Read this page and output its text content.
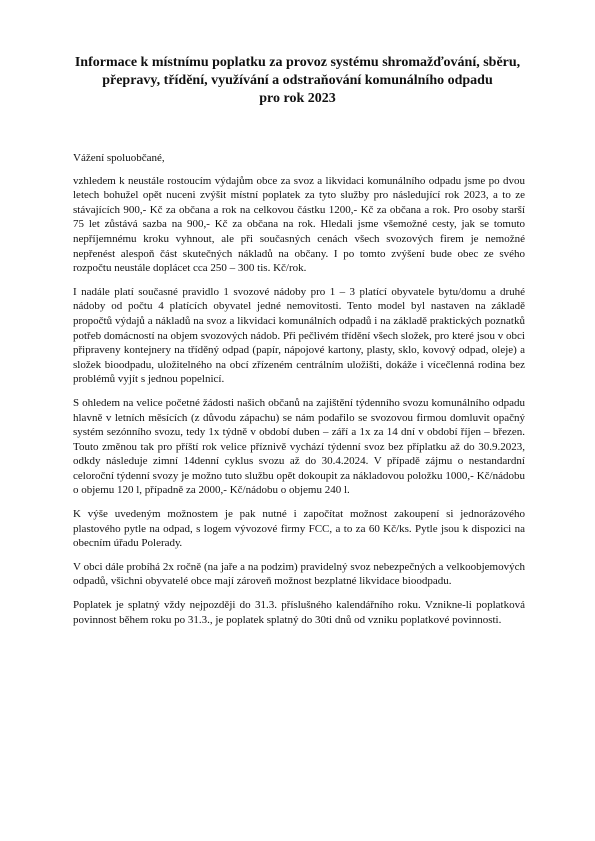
Informace k místnímu poplatku za provoz systému shromažďování, sběru,
přepravy, třídění, využívání a odstraňování komunálního odpadu
pro rok 2023

Vážení spoluobčané,

vzhledem k neustále rostoucím výdajům obce za svoz a likvidaci komunálního odpadu jsme po dvou letech bohužel opět nuceni zvýšit místní poplatek za tyto služby pro následující rok 2023, a to ze stávajících 900,- Kč za občana a rok na celkovou částku 1200,- Kč za občana a rok. Pro osoby starší 75 let zůstává sazba na 900,- Kč za občana na rok. Hledali jsme všemožné cesty, jak se tomuto nepříjemnému kroku vyhnout, ale při současných cenách všech svozových firem je nemožné nepřenést alespoň část skutečných nákladů na občany. I po tomto zvýšení bude obec ze svého rozpočtu neustále doplácet cca 250 – 300 tis. Kč/rok.

I nadále platí současné pravidlo 1 svozové nádoby pro 1 – 3 platící obyvatele bytu/domu a druhé nádoby od počtu 4 platících obyvatel jedné nemovitosti. Tento model byl nastaven na základě propočtů výdajů a nákladů na svoz a likvidaci komunálních odpadů i na základě praktických poznatků potřeb domácností na objem svozových nádob. Při pečlivém třídění všech složek, pro které jsou v obci připraveny kontejnery na tříděný odpad (papír, nápojové kartony, plasty, sklo, kovový odpad, oleje) a složek bioodpadu, uložitelného na obcí zřízeném centrálním uložišti, dokáže i vícečlenná rodina bez problémů vyjít s jednou popelnicí.

S ohledem na velice početné žádosti našich občanů na zajištění týdenního svozu komunálního odpadu hlavně v letních měsících (z důvodu zápachu) se nám podařilo se svozovou firmou domluvit opačný systém sezónního svozu, tedy 1x týdně v období duben – září a 1x za 14 dní v období říjen – březen. Touto změnou tak pro příští rok velice příznivě vychází týdenní svoz bez příplatku až do 30.9.2023, odkdy následuje zimní 14denní cyklus svozu až do 30.4.2024. V případě zájmu o nestandardní celoroční týdenní svozy je možno tuto službu opět dokoupit za nákladovou položku 1000,- Kč/nádobu o objemu 120 l, případně za 2000,- Kč/nádobu o objemu 240 l.

K výše uvedeným možnostem je pak nutné i započítat možnost zakoupení si jednorázového plastového pytle na odpad, s logem vývozové firmy FCC, a to za 60 Kč/ks. Pytle jsou k dispozici na obecním úřadu Poleradу.

V obci dále probíhá 2x ročně (na jaře a na podzim) pravidelný svoz nebezpečných a velkoobjemových odpadů, všichni obyvatelé obce mají zároveň možnost bezplatné likvidace bioodpadu.

Poplatek je splatný vždy nejpozději do 31.3. příslušného kalendářního roku. Vznikne-li poplatková povinnost během roku po 31.3., je poplatek splatný do 30ti dnů od vzniku poplatkové povinnosti.
